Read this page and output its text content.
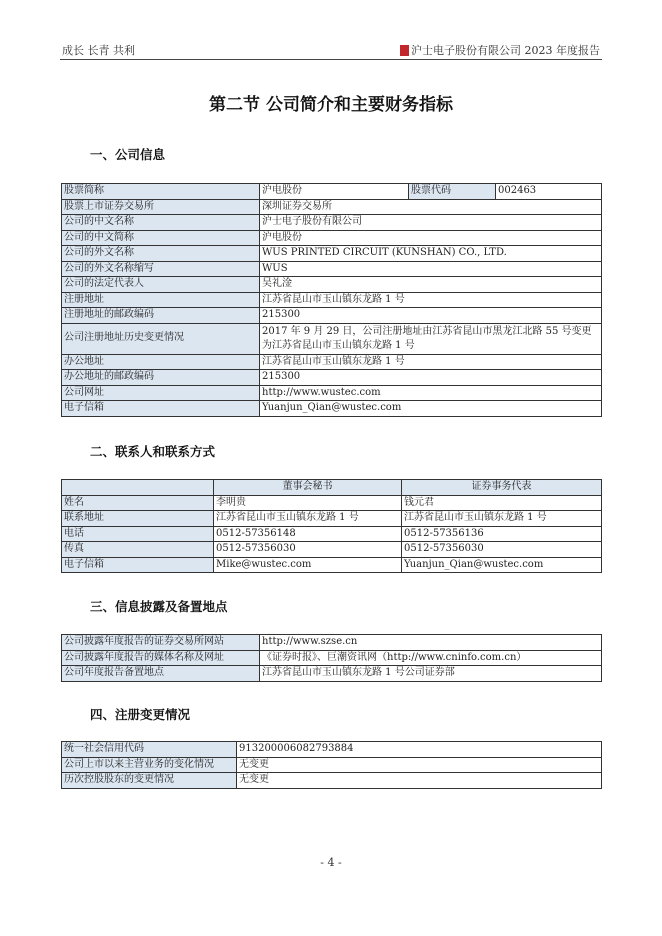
成长 长青 共利	沪士电子股份有限公司 2023 年度报告
第二节 公司简介和主要财务指标
一、公司信息
股票简称	沪电股份	股票代码	002463
股票上市证券交易所	深圳证券交易所		
公司的中文名称	沪士电子股份有限公司		
公司的中文简称	沪电股份		
公司的外文名称	WUS PRINTED CIRCUIT (KUNSHAN) CO., LTD.		
公司的外文名称缩写	WUS		
公司的法定代表人	吴礼淦		
注册地址	江苏省昆山市玉山镇东龙路 1 号		
注册地址的邮政编码	215300		
公司注册地址历史变更情况	2017 年 9 月 29 日，公司注册地址由江苏省昆山市黑龙江北路 55 号变更为江苏省昆山市玉山镇东龙路 1 号		
办公地址	江苏省昆山市玉山镇东龙路 1 号		
办公地址的邮政编码	215300		
公司网址	http://www.wustec.com		
电子信箱	Yuanjun_Qian@wustec.com		
二、联系人和联系方式
	董事会秘书	证券事务代表
姓名	李明贵	钱元君
联系地址	江苏省昆山市玉山镇东龙路 1 号	江苏省昆山市玉山镇东龙路 1 号
电话	0512-57356148	0512-57356136
传真	0512-57356030	0512-57356030
电子信箱	Mike@wustec.com	Yuanjun_Qian@wustec.com
三、信息披露及备置地点
公司披露年度报告的证券交易所网站	http://www.szse.cn
公司披露年度报告的媒体名称及网址	《证券时报》、巨潮资讯网（http://www.cninfo.com.cn）
公司年度报告备置地点	江苏省昆山市玉山镇东龙路 1 号公司证券部
四、注册变更情况
统一社会信用代码	913200006082793884
公司上市以来主营业务的变化情况	无变更
历次控股股东的变更情况	无变更
- 4 -
